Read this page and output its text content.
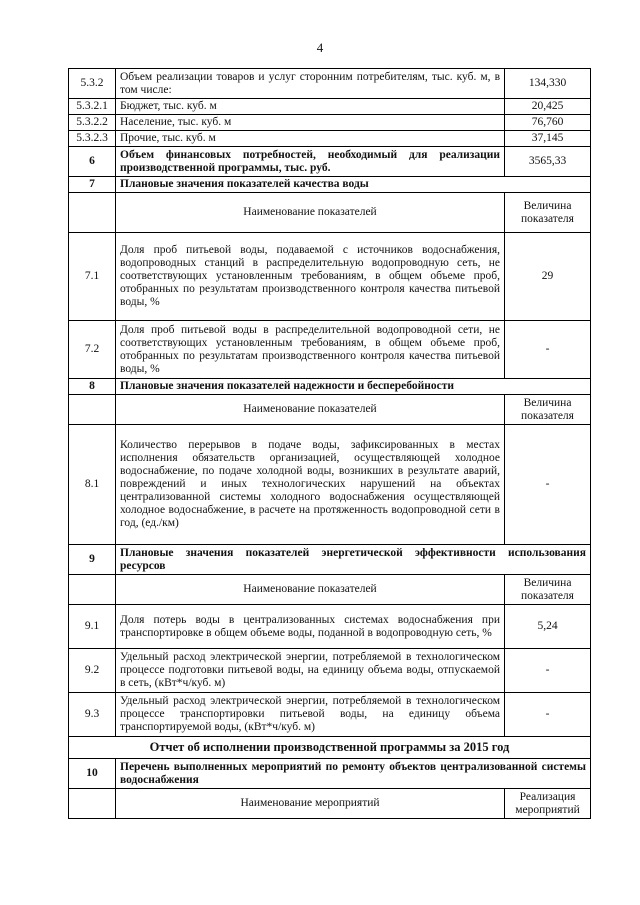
4
5.3.2	Объем реализации товаров и услуг сторонним потребителям, тыс. куб. м, в том числе:	134,330
5.3.2.1	Бюджет, тыс. куб. м	20,425
5.3.2.2	Население, тыс. куб. м	76,760
5.3.2.3	Прочие, тыс. куб. м	37,145
6	Объем финансовых потребностей, необходимый для реализации производственной программы, тыс. руб.	3565,33
7	Плановые значения показателей качества воды	
	Наименование показателей	Величина показателя
7.1	Доля проб питьевой воды, подаваемой с источников водоснабжения, водопроводных станций в распределительную водопроводную сеть, не соответствующих установленным требованиям, в общем объеме проб, отобранных по результатам производственного контроля качества питьевой воды, %	29
7.2	Доля проб питьевой воды в распределительной водопроводной сети, не соответствующих установленным требованиям, в общем объеме проб, отобранных по результатам производственного контроля качества питьевой воды, %	-
8	Плановые значения показателей надежности и бесперебойности	
	Наименование показателей	Величина показателя
8.1	Количество перерывов в подаче воды, зафиксированных в местах исполнения обязательств организацией, осуществляющей холодное водоснабжение, по подаче холодной воды, возникших в результате аварий, повреждений и иных технологических нарушений на объектах централизованной системы холодного водоснабжения осуществляющей холодное водоснабжение, в расчете на протяженность водопроводной сети в год, (ед./км)	-
9	Плановые значения показателей энергетической эффективности использования ресурсов	
	Наименование показателей	Величина показателя
9.1	Доля потерь воды в централизованных системах водоснабжения при транспортировке в общем объеме воды, поданной в водопроводную сеть, %	5,24
9.2	Удельный расход электрической энергии, потребляемой в технологическом процессе подготовки питьевой воды, на единицу объема воды, отпускаемой в сеть, (кВт*ч/куб. м)	-
9.3	Удельный расход электрической энергии, потребляемой в технологическом процессе транспортировки питьевой воды, на единицу объема транспортируемой воды, (кВт*ч/куб. м)	-
Отчет об исполнении производственной программы за 2015 год		
10	Перечень выполненных мероприятий по ремонту объектов централизованной системы водоснабжения	
	Наименование мероприятий	Реализация мероприятий
